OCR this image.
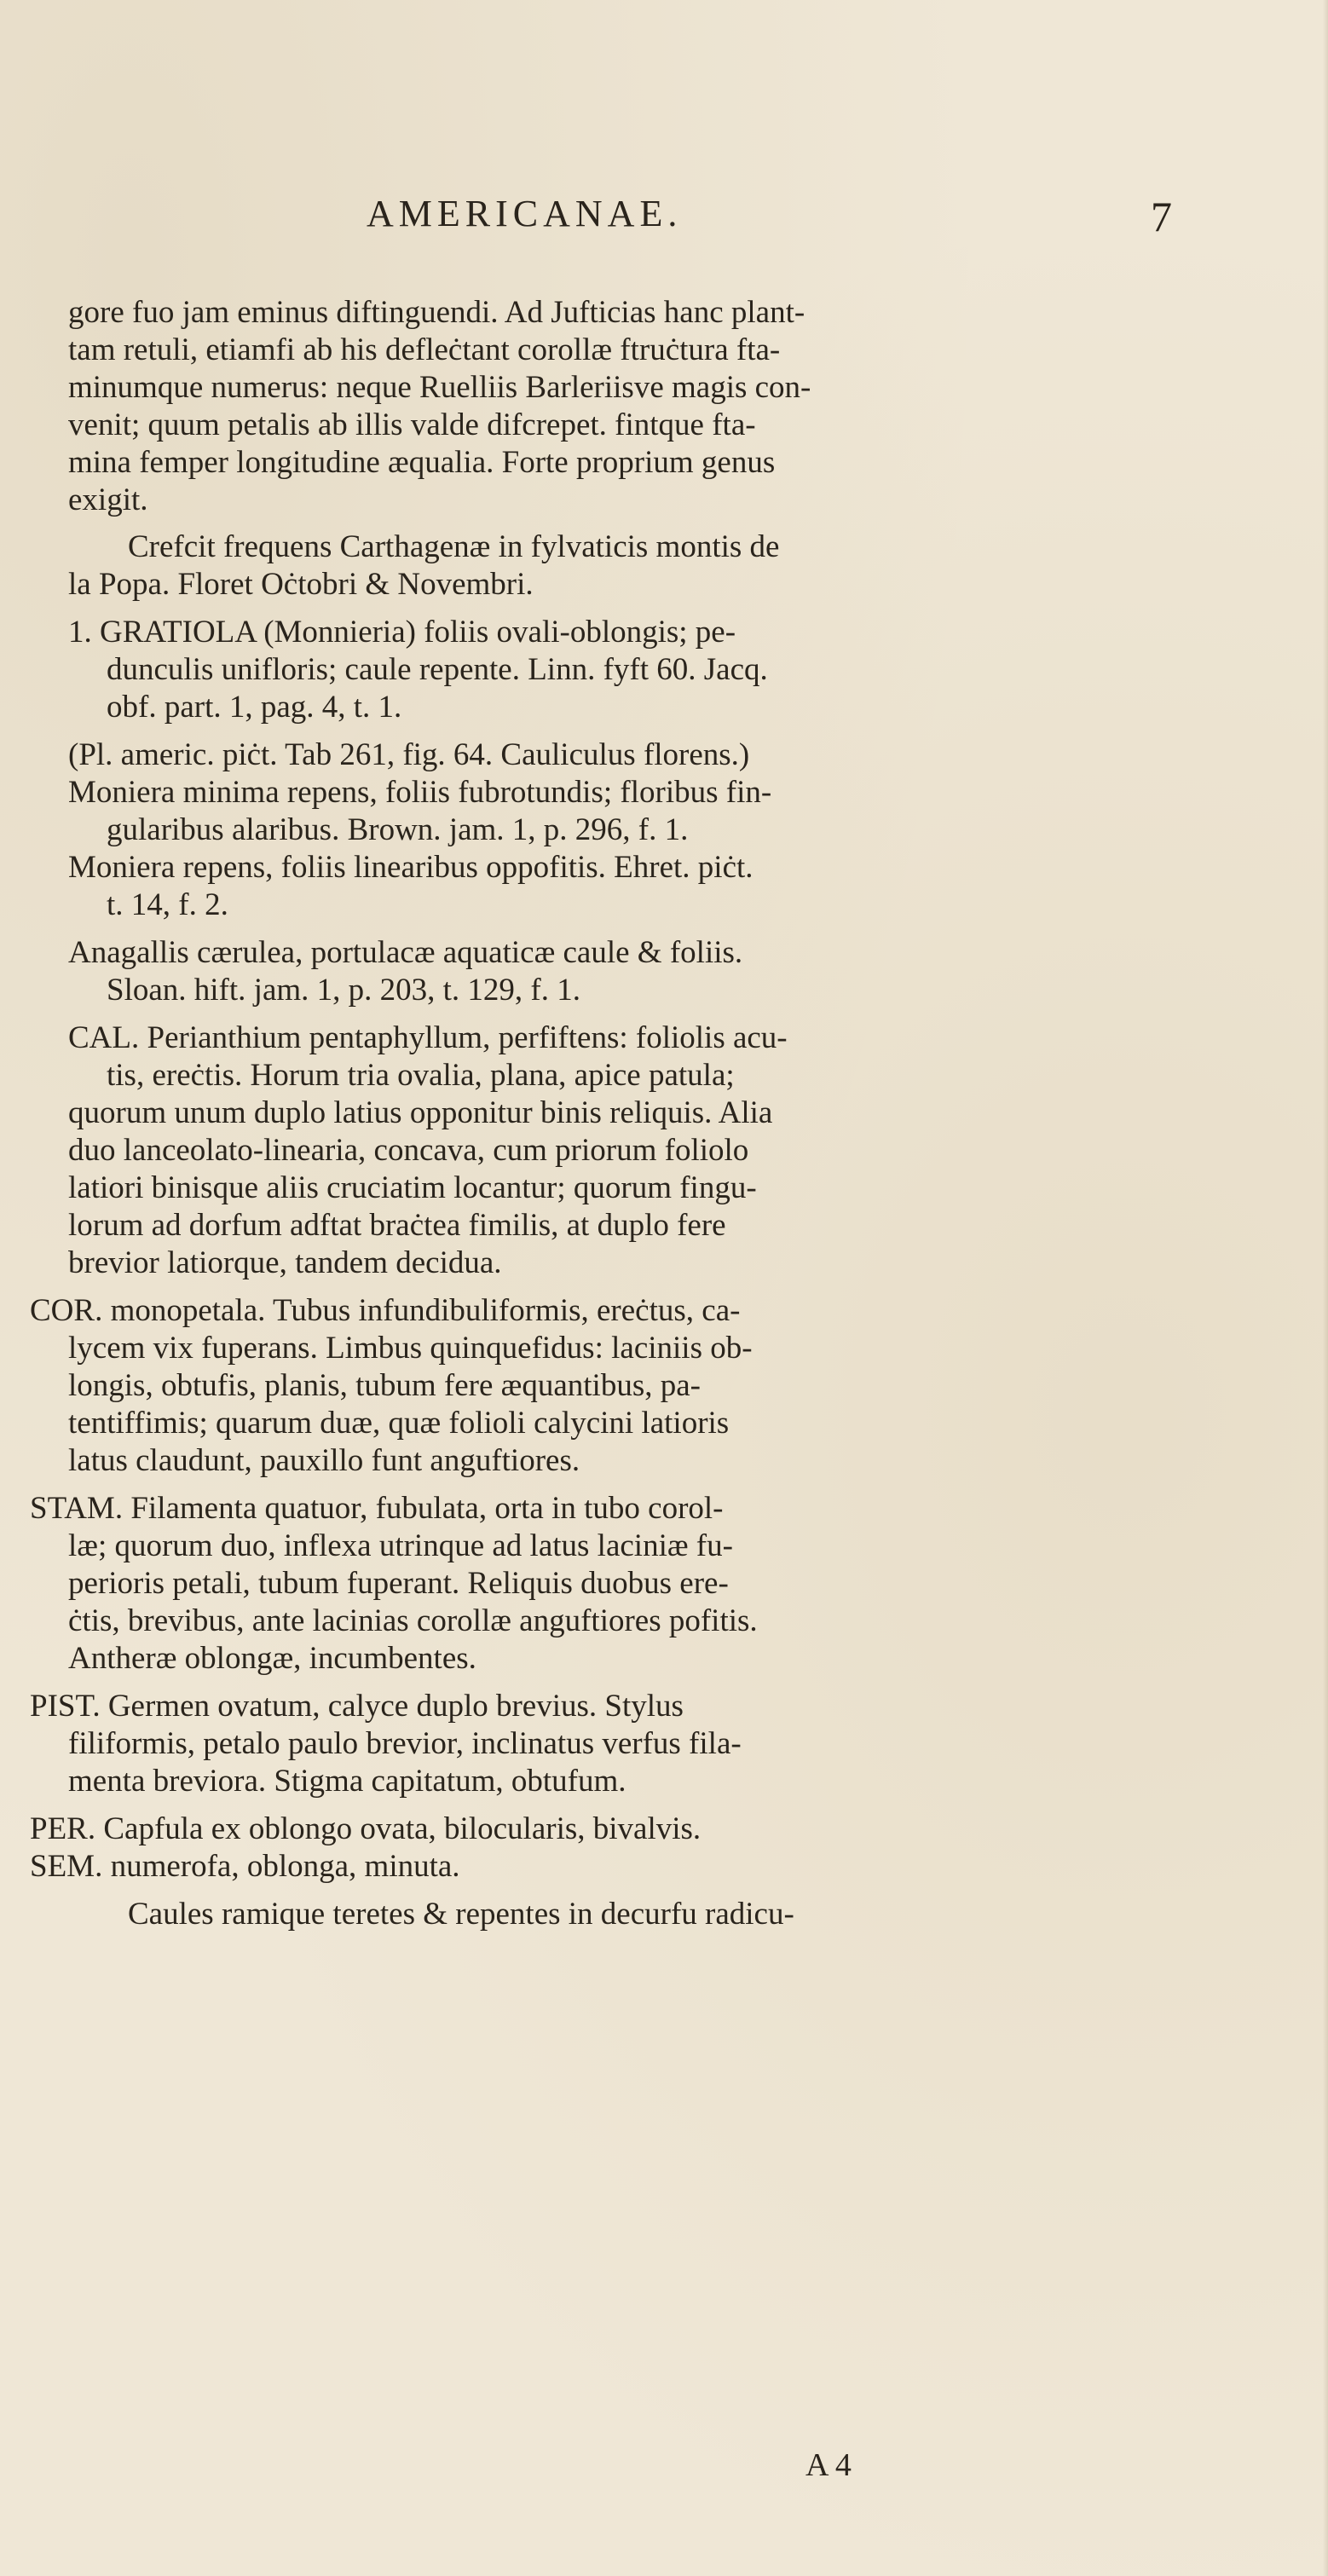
AMERICANAE.	7
gore fuo jam eminus diftinguendi. Ad Jufticias hanc plant-
tam retuli, etiamfi ab his defleċtant corollæ ftruċtura fta-
minumque numerus: neque Ruelliis Barleriisve magis con-
venit; quum petalis ab illis valde difcrepet. fintque fta-
mina femper longitudine æqualia. Forte proprium genus
exigit.
Crefcit frequens Carthagenæ in fylvaticis montis de
la Popa. Floret Oċtobri & Novembri.
1. GRATIOLA (Monnieria) foliis ovali-oblongis; pe-
dunculis unifloris; caule repente. Linn. fyft 60. Jacq.
obf. part. 1, pag. 4, t. 1.
(Pl. americ. piċt. Tab 261, fig. 64. Cauliculus florens.)
Moniera minima repens, foliis fubrotundis; floribus fin-
gularibus alaribus. Brown. jam. 1, p. 296, f. 1.
Moniera repens, foliis linearibus oppofitis. Ehret. piċt.
t. 14, f. 2.
Anagallis cærulea, portulacæ aquaticæ caule & foliis.
Sloan. hift. jam. 1, p. 203, t. 129, f. 1.
CAL. Perianthium pentaphyllum, perfiftens: foliolis acu-
tis, ereċtis. Horum tria ovalia, plana, apice patula;
quorum unum duplo latius opponitur binis reliquis. Alia
duo lanceolato-linearia, concava, cum priorum foliolo
latiori binisque aliis cruciatim locantur; quorum fingu-
lorum ad dorfum adftat braċtea fimilis, at duplo fere
brevior latiorque, tandem decidua.
COR. monopetala. Tubus infundibuliformis, ereċtus, ca-
lycem vix fuperans. Limbus quinquefidus: laciniis ob-
longis, obtufis, planis, tubum fere æquantibus, pa-
tentiffimis; quarum duæ, quæ folioli calycini latioris
latus claudunt, pauxillo funt anguftiores.
STAM. Filamenta quatuor, fubulata, orta in tubo corol-
læ; quorum duo, inflexa utrinque ad latus laciniæ fu-
perioris petali, tubum fuperant. Reliquis duobus ere-
ċtis, brevibus, ante lacinias corollæ anguftiores pofitis.
Antheræ oblongæ, incumbentes.
PIST. Germen ovatum, calyce duplo brevius. Stylus
filiformis, petalo paulo brevior, inclinatus verfus fila-
menta breviora. Stigma capitatum, obtufum.
PER. Capfula ex oblongo ovata, bilocularis, bivalvis.
SEM. numerofa, oblonga, minuta.
Caules ramique teretes & repentes in decurfu radicu-
A 4
